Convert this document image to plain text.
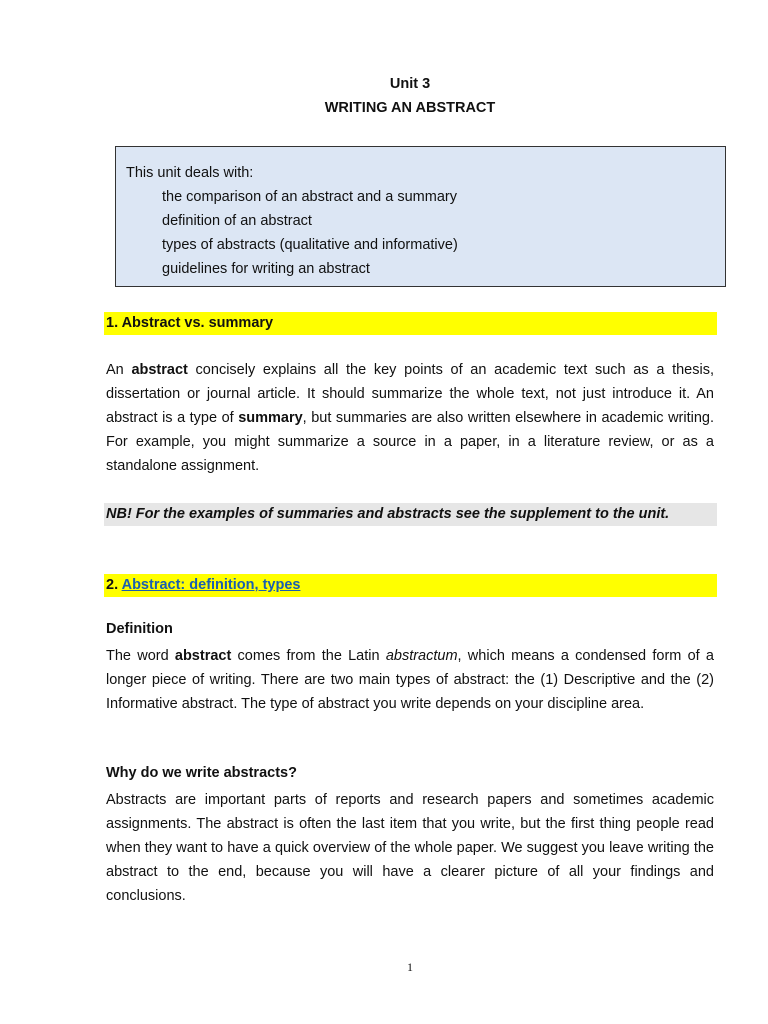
Unit 3
WRITING AN ABSTRACT
This unit deals with:
the comparison of an abstract and a summary
definition of an abstract
types of abstracts (qualitative and informative)
guidelines for writing an abstract
1. Abstract vs. summary

An abstract concisely explains all the key points of an academic text such as a thesis, dissertation or journal article. It should summarize the whole text, not just introduce it. An abstract is a type of summary, but summaries are also written elsewhere in academic writing. For example, you might summarize a source in a paper, in a literature review, or as a standalone assignment.

NB! For the examples of summaries and abstracts see the supplement to the unit.
2. Abstract: definition, types
Definition

The word abstract comes from the Latin abstractum, which means a condensed form of a longer piece of writing. There are two main types of abstract: the (1) Descriptive and the (2) Informative abstract. The type of abstract you write depends on your discipline area.

Why do we write abstracts?

Abstracts are important parts of reports and research papers and sometimes academic assignments. The abstract is often the last item that you write, but the first thing people read when they want to have a quick overview of the whole paper. We suggest you leave writing the abstract to the end, because you will have a clearer picture of all your findings and conclusions.

1
